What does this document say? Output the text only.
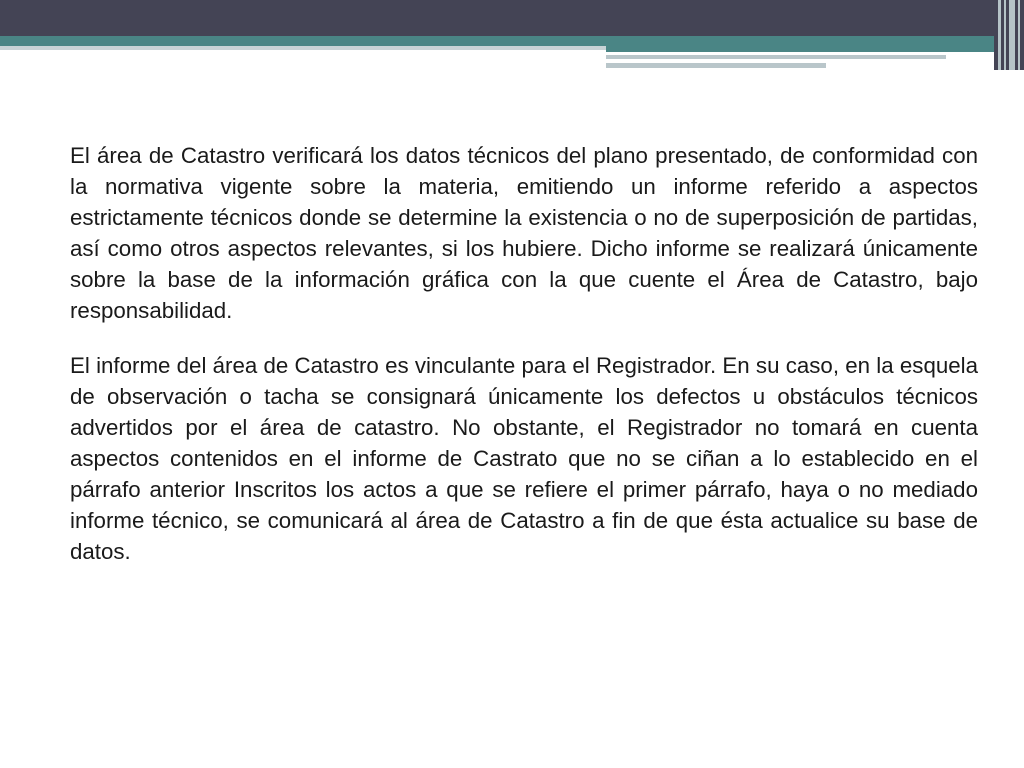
El área de Catastro verificará los datos técnicos del plano presentado, de conformidad con la normativa vigente sobre la materia, emitiendo un informe referido a aspectos estrictamente técnicos donde se determine la existencia o no de superposición de partidas, así como otros aspectos relevantes, si los hubiere. Dicho informe se realizará únicamente sobre la base de la información gráfica con la que cuente el Área de Catastro, bajo responsabilidad.

El informe del área de Catastro es vinculante para el Registrador. En su caso, en la esquela de observación o tacha se consignará únicamente los defectos u obstáculos técnicos advertidos por el área de catastro. No obstante, el Registrador no tomará en cuenta aspectos contenidos en el informe de Castrato que no se ciñan a lo establecido en el párrafo anterior Inscritos los actos a que se refiere el primer párrafo, haya o no mediado informe técnico, se comunicará al área de Catastro a fin de que ésta actualice su base de datos.
